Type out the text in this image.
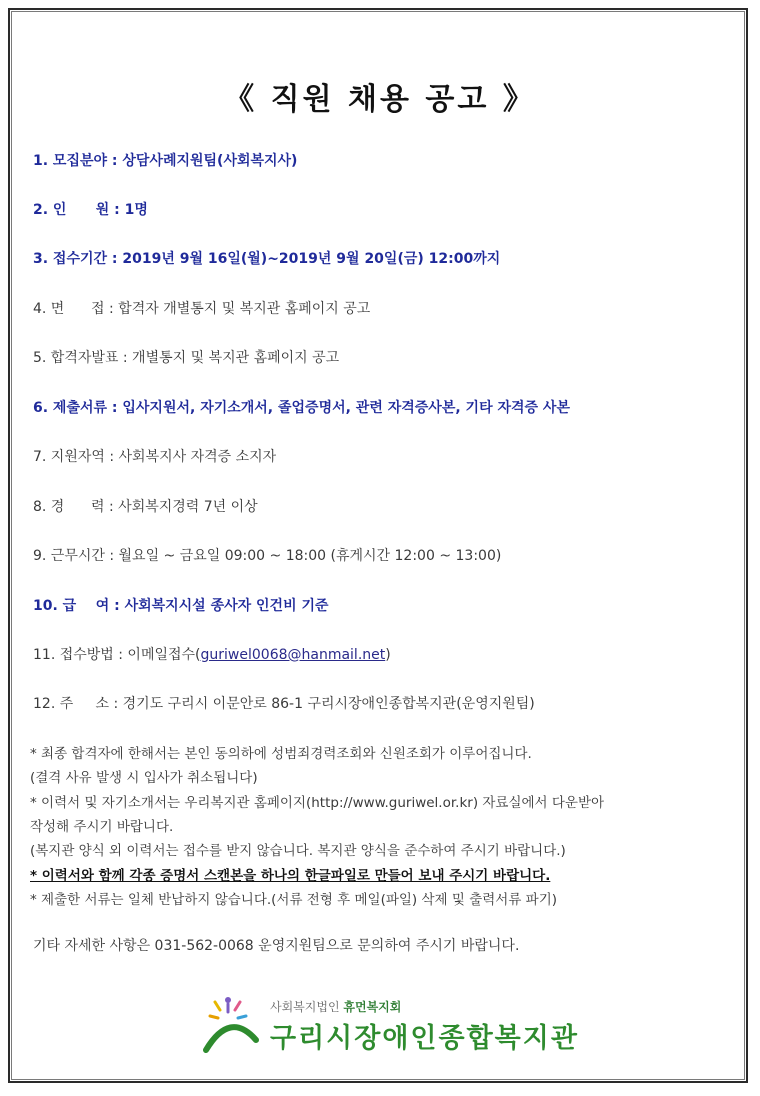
《 직원 채용 공고 》
1. 모집분야 : 상담사례지원팀(사회복지사)
2. 인      원 : 1명
3. 접수기간 : 2019년 9월 16일(월)~2019년 9월 20일(금) 12:00까지
4. 면      접 : 합격자 개별통지 및 복지관 홈페이지 공고
5. 합격자발표 : 개별통지 및 복지관 홈페이지 공고
6. 제출서류 : 입사지원서, 자기소개서, 졸업증명서, 관련 자격증사본, 기타 자격증 사본
7. 지원자역 : 사회복지사 자격증 소지자
8. 경      력 : 사회복지경력 7년 이상
9. 근무시간 : 월요일 ~ 금요일 09:00 ~ 18:00 (휴게시간 12:00 ~ 13:00)
10. 급    여 : 사회복지시설 종사자 인건비 기준
11. 접수방법 : 이메일접수(guriwel0068@hanmail.net)
12. 주     소 : 경기도 구리시 이문안로 86-1 구리시장애인종합복지관(운영지원팀)
* 최종 합격자에 한해서는 본인 동의하에 성범죄경력조회와 신원조회가 이루어집니다.
(결격 사유 발생 시 입사가 취소됩니다)
* 이력서 및 자기소개서는 우리복지관 홈페이지(http://www.guriwel.or.kr) 자료실에서 다운받아
작성해 주시기 바랍니다.
(복지관 양식 외 이력서는 접수를 받지 않습니다. 복지관 양식을 준수하여 주시기 바랍니다.)
* 이력서와 함께 각종 증명서 스캔본을 하나의 한글파일로 만들어 보내 주시기 바랍니다.
* 제출한 서류는 일체 반납하지 않습니다.(서류 전형 후 메일(파일) 삭제 및 출력서류 파기)
기타 자세한 사항은 031-562-0068 운영지원팀으로 문의하여 주시기 바랍니다.
사회복지법인 휴먼복지회
구리시장애인종합복지관
